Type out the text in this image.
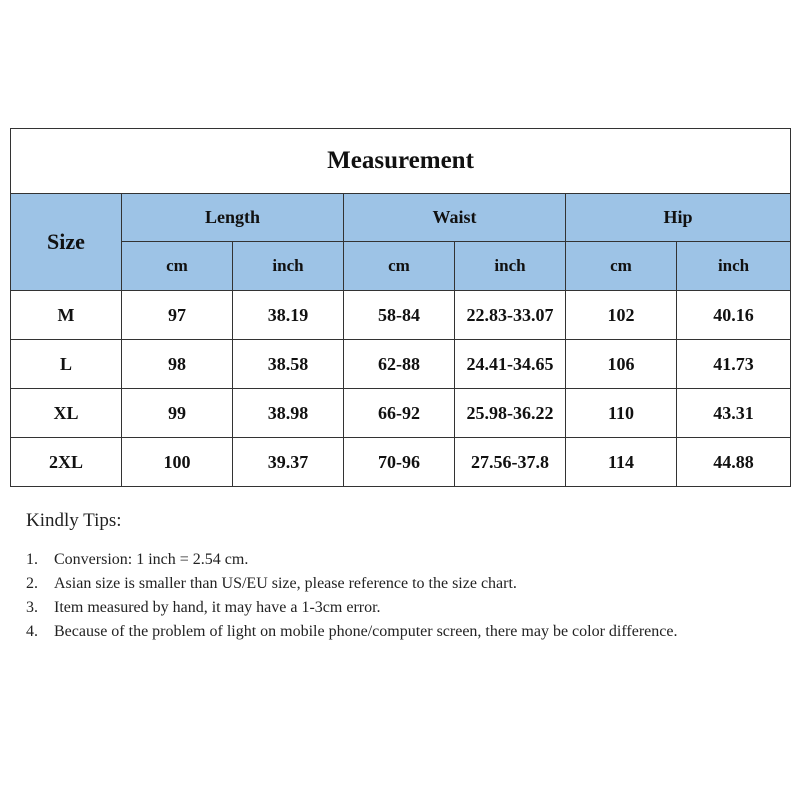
Measurement						
Size	Length		Waist		Hip	
	cm	inch	cm	inch	cm	inch
M	97	38.19	58-84	22.83-33.07	102	40.16
L	98	38.58	62-88	24.41-34.65	106	41.73
XL	99	38.98	66-92	25.98-36.22	110	43.31
2XL	100	39.37	70-96	27.56-37.8	114	44.88
Kindly Tips:
1.	Conversion: 1 inch = 2.54 cm.
2.	Asian size is smaller than US/EU size, please reference to the size chart.
3.	Item measured by hand, it may have a 1-3cm error.
4.	Because of the problem of light on mobile phone/computer screen, there may be color difference.
